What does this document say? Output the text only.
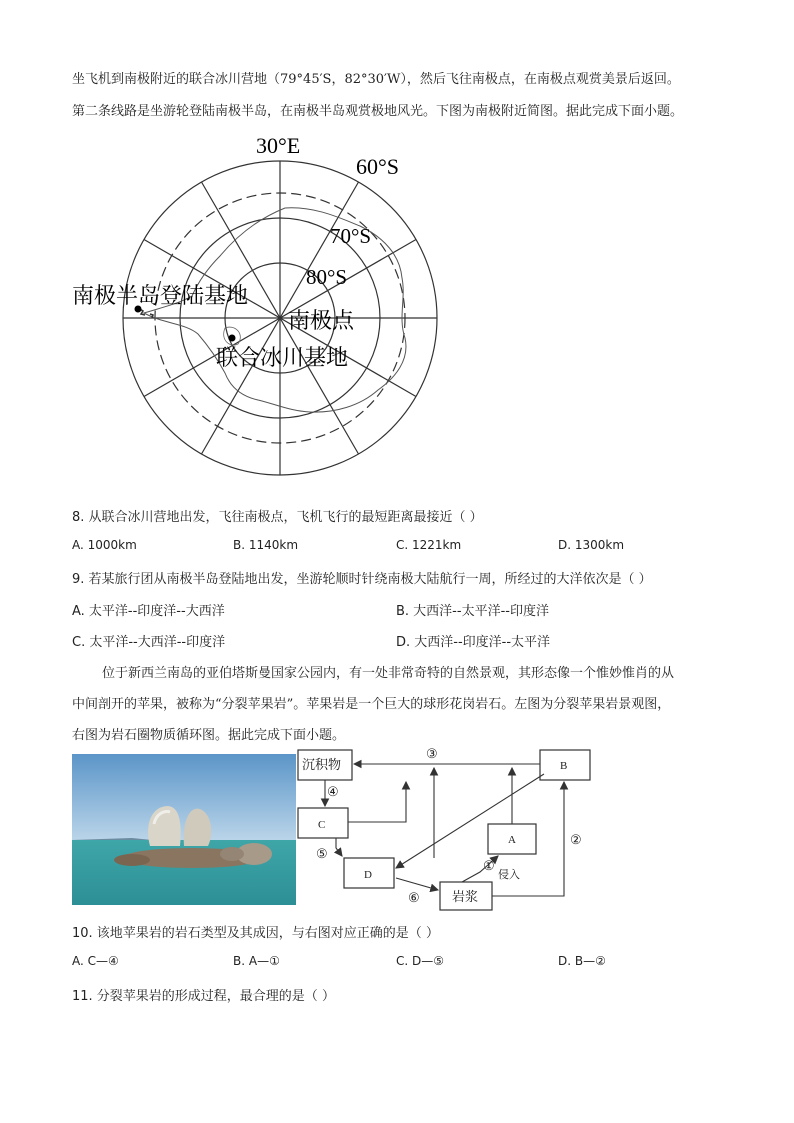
坐飞机到南极附近的联合冰川营地（79°45′S，82°30′W），然后飞往南极点，在南极点观赏美景后返回。
第二条线路是坐游轮登陆南极半岛，在南极半岛观赏极地风光。下图为南极附近简图。据此完成下面小题。
30°E
60°S
70°S
80°S
南极半岛登陆基地
南极点
联合冰川基地
8. 从联合冰川营地出发，飞往南极点，飞机飞行的最短距离最接近（ ）
A. 1000km	B. 1140km	C. 1221km	D. 1300km
9. 若某旅行团从南极半岛登陆地出发，坐游轮顺时针绕南极大陆航行一周，所经过的大洋依次是（ ）
A. 太平洋--印度洋--大西洋	B. 大西洋--太平洋--印度洋
C. 太平洋--大西洋--印度洋	D. 大西洋--印度洋--太平洋
位于新西兰南岛的亚伯塔斯曼国家公园内，有一处非常奇特的自然景观，其形态像一个惟妙惟肖的从
中间剖开的苹果，被称为“分裂苹果岩”。苹果岩是一个巨大的球形花岗岩石。左图为分裂苹果岩景观图，
右图为岩石圈物质循环图。据此完成下面小题。
沉积物	B
C
A
D
岩浆
①
②
③
④
⑤
⑥
侵入
10. 该地苹果岩的岩石类型及其成因，与右图对应正确的是（ ）
A. C—④	B. A—①	C. D—⑤	D. B—②
11. 分裂苹果岩的形成过程，最合理的是（ ）
